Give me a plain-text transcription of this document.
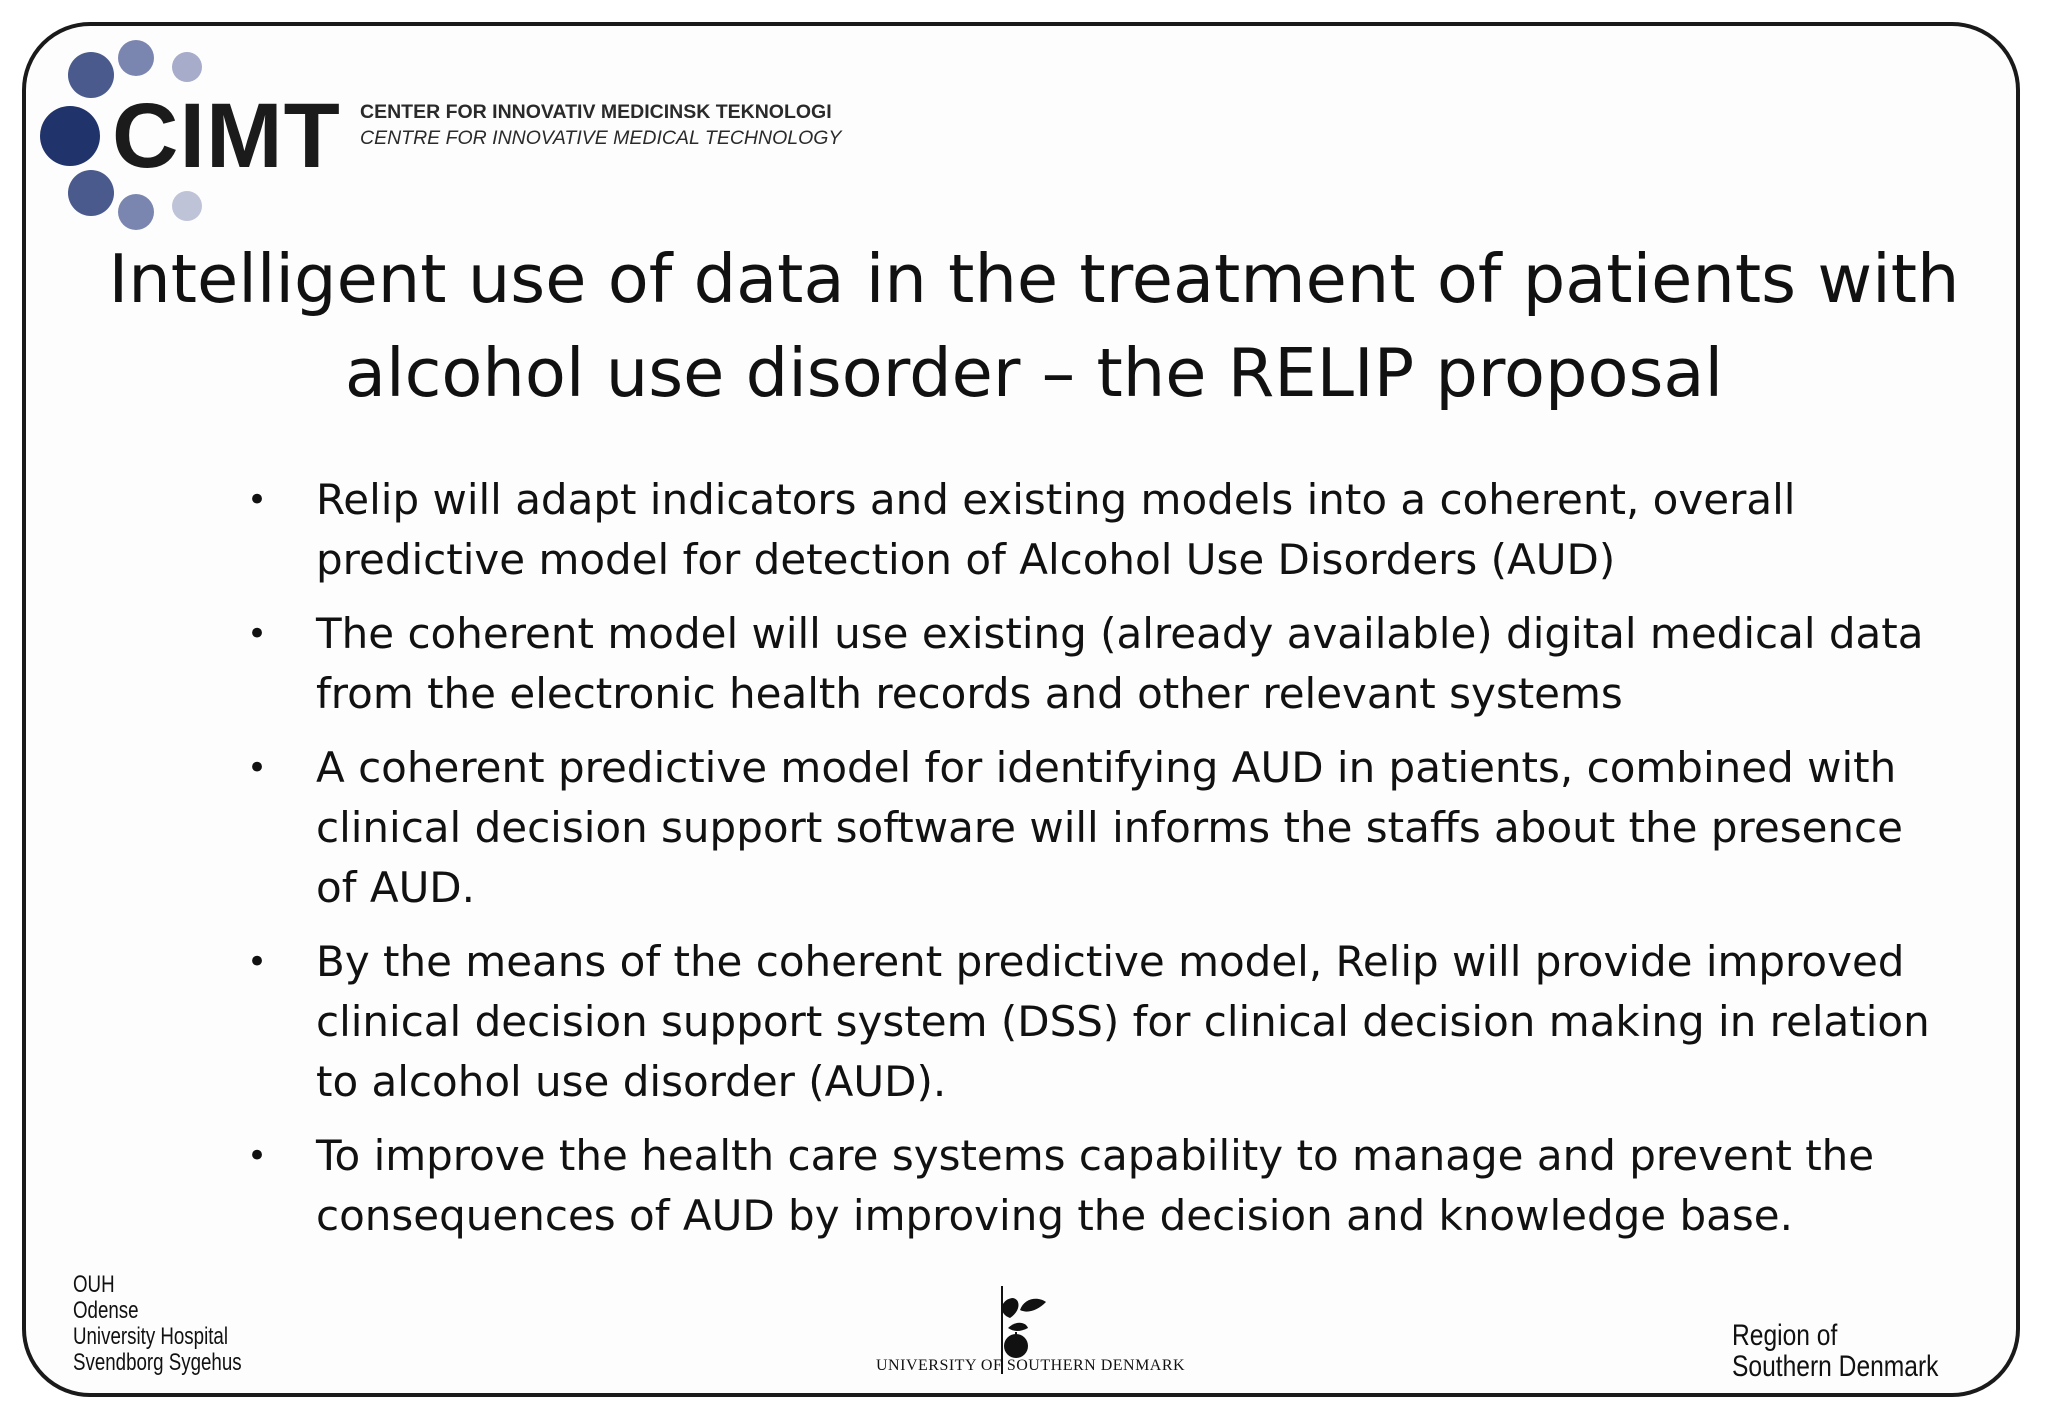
CIMT CENTER FOR INNOVATIV MEDICINSK TEKNOLOGI
CENTRE FOR INNOVATIVE MEDICAL TECHNOLOGY
Intelligent use of data in the treatment of patients with
alcohol use disorder – the RELIP proposal
• Relip will adapt indicators and existing models into a coherent, overall
predictive model for detection of Alcohol Use Disorders (AUD)
• The coherent model will use existing (already available) digital medical data
from the electronic health records and other relevant systems
• A coherent predictive model for identifying AUD in patients, combined with
clinical decision support software will informs the staffs about the presence
of AUD.
• By the means of the coherent predictive model, Relip will provide improved
clinical decision support system (DSS) for clinical decision making in relation
to alcohol use disorder (AUD).
• To improve the health care systems capability to manage and prevent the
consequences of AUD by improving the decision and knowledge base.
OUH
Odense
University Hospital
Svendborg Sygehus	UNIVERSITY OF SOUTHERN DENMARK
Region of
Southern Denmark
